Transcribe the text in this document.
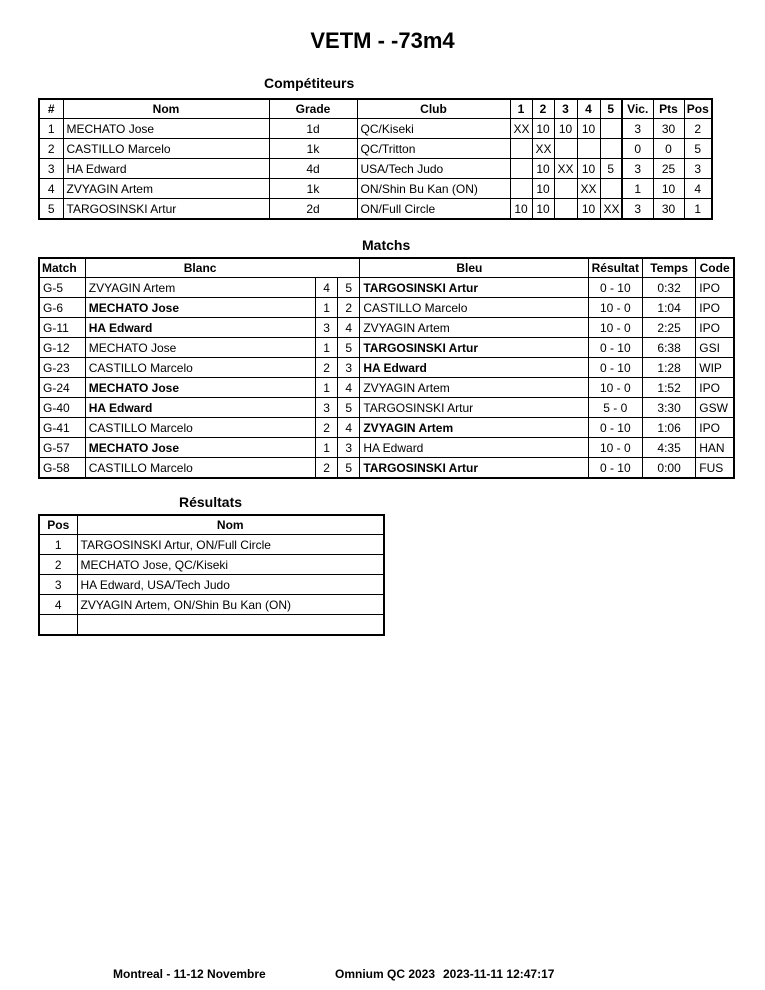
VETM - -73m4
Compétiteurs
#	Nom	Grade	Club	1	2	3	4	5	Vic.	Pts	Pos
1	MECHATO Jose	1d	QC/Kiseki	XX	10	10	10		3	30	2
2	CASTILLO Marcelo	1k	QC/Tritton		XX				0	0	5
3	HA Edward	4d	USA/Tech Judo		10	XX	10	5	3	25	3
4	ZVYAGIN Artem	1k	ON/Shin Bu Kan (ON)		10		XX		1	10	4
5	TARGOSINSKI Artur	2d	ON/Full Circle	10	10		10	XX	3	30	1
Matchs
Match	Blanc			Bleu	Résultat	Temps	Code
G-5	ZVYAGIN Artem	4	5	TARGOSINSKI Artur	0 - 10	0:32	IPO
G-6	MECHATO Jose	1	2	CASTILLO Marcelo	10 - 0	1:04	IPO
G-11	HA Edward	3	4	ZVYAGIN Artem	10 - 0	2:25	IPO
G-12	MECHATO Jose	1	5	TARGOSINSKI Artur	0 - 10	6:38	GSI
G-23	CASTILLO Marcelo	2	3	HA Edward	0 - 10	1:28	WIP
G-24	MECHATO Jose	1	4	ZVYAGIN Artem	10 - 0	1:52	IPO
G-40	HA Edward	3	5	TARGOSINSKI Artur	5 - 0	3:30	GSW
G-41	CASTILLO Marcelo	2	4	ZVYAGIN Artem	0 - 10	1:06	IPO
G-57	MECHATO Jose	1	3	HA Edward	10 - 0	4:35	HAN
G-58	CASTILLO Marcelo	2	5	TARGOSINSKI Artur	0 - 10	0:00	FUS
Résultats
Pos	Nom
1	TARGOSINSKI Artur, ON/Full Circle
2	MECHATO Jose, QC/Kiseki
3	HA Edward, USA/Tech Judo
4	ZVYAGIN Artem, ON/Shin Bu Kan (ON)

Montreal - 11-12 Novembre	Omnium QC 2023 2023-11-11 12:47:17
